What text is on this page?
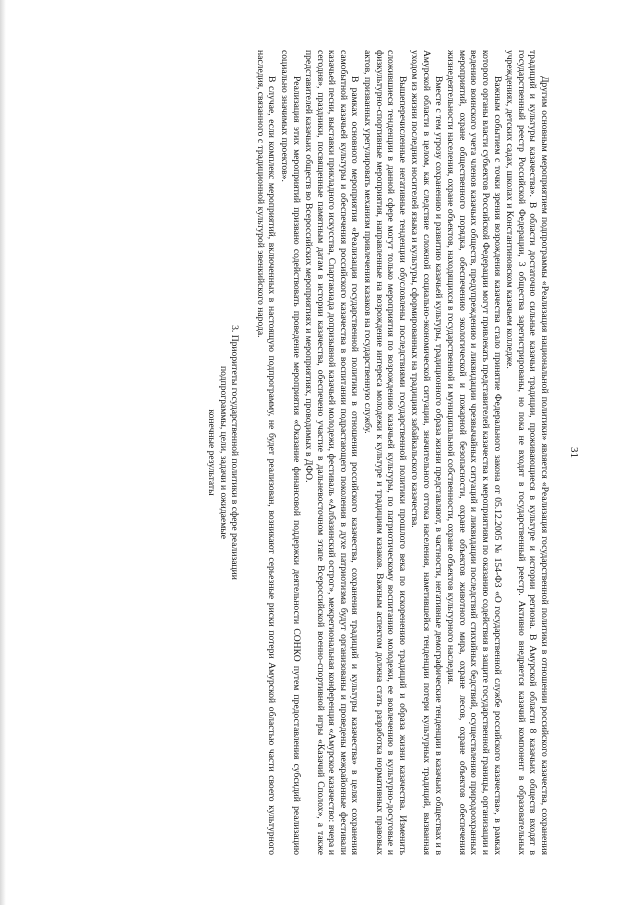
31

Другим основным мероприятием подпрограммы «Реализация национальной политики» является «Реализация государственной политики в отношении российского казачества, сохранения традиций и культуры казачества». В области достаточно сильные казачьи традиции, проживающиеся в культуре и истории региона. В Амурской области 8 казачьих обществ входят в государственный реестр Российской Федерации, 3 общества зарегистрированы, но пока не входят в государственный реестр. Активно внедряется казачий компонент в образовательных учреждениях, детских садах, школах и Константиновском казачьем колледже.

Важным событием с точки зрения возрождения казачества стало принятие Федерального закона от 05.12.2005 № 154-ФЗ «О государственной службе российского казачества», в рамках которого органы власти субъектов Российской Федерации могут привлекать представителей казачества к мероприятиям по оказанию содействия в защите государственной границы, организации и ведению воинского учета членов казачьих обществ, предупреждению и ликвидации чрезвычайных ситуаций и ликвидации последствий стихийных бедствий, осуществлению природоохранных мероприятий, охране общественного порядка, обеспечению экологической и пожарной безопасности, охране объектов животного мира, охране лесов, охране объектов обеспечения жизнедеятельности населения, охране объектов, находящихся в государственной и муниципальной собственности, охране объектов культурного наследия.

Вместе с тем угрозу сохранению и развитию казачьей культуры, традиционного образа жизни представляют, в частности, негативные демографические тенденции в казачьих обществах и в Амурской области в целом, как следствие сложной социально-экономической ситуации, значительного оттока населения, наметившейся тенденции потери культурных традиций, вызванная уходом из жизни последних носителей языка и культуры, сформированных на традициях забайкальского казачества.

Вышеперечисленные негативные тенденции обусловлены последствиями государственной политики прошлого века по искоренению традиций и образа жизни казачества. Изменить сложившиеся тенденции в данной сфере могут только мероприятия по возрождению казачьей культуры, по патриотическому воспитанию молодежи, ее вовлечению в культурно-досуговые и физкультурно-спортивные мероприятия, направленные на возрождение интереса молодежи к культуре и традициям казаков. Важным аспектом должна стать разработка нормативных правовых актов, призванных урегулировать механизм привлечения казаков на государственную службу.

В рамках основного мероприятия «Реализация государственной политики в отношении российского казачества, сохранения традиций и культуры казачества» в целях сохранения самобытной казачьей культуры и обеспечения российского казачества в воспитании подрастающего поколения в духе патриотизма будут организованы и проведены межрайонные фестивали казачьей песни, выставки прикладного искусства, Спартакиада допризывной казачьей молодежи, фестиваль «Албазинский острог», межрегиональная конференция «Амурское казачество: вчера и сегодня», праздники, посвященные памятным датам в истории казачества, обеспечено участие в дальневосточном этапе Всероссийской военно-спортивной игры «Казачий Сполох», а также представителей казачьих обществ во Всероссийских мероприятиях и мероприятиях, проводимых в ДФО.

Реализация этих мероприятий призвано содействовать проведение мероприятия «Оказание финансовой поддержки деятельности СОНКО путем предоставления субсидий реализацию социально значимых проектов».

В случае, если комплекс мероприятий, включенных в настоящую подпрограмму, не будет реализован, возникают серьезные риски потери Амурской областью части своего культурного наследия, связанного с традиционной культурой эвенкийского народа.

3. Приоритеты государственной политики в сфере реализации
подпрограммы, цели, задачи и ожидаемые
конечные результаты
